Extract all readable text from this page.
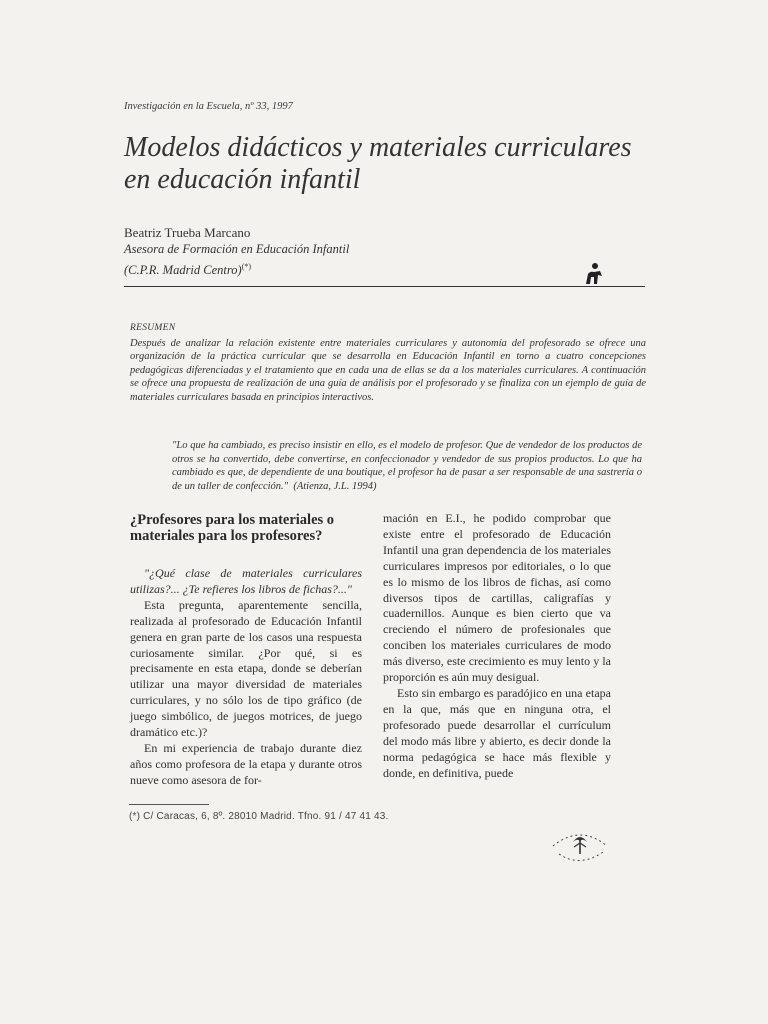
Investigación en la Escuela, nº 33, 1997
Modelos didácticos y materiales curriculares en educación infantil
Beatriz Trueba Marcano
Asesora de Formación en Educación Infantil
(C.P.R. Madrid Centro)(*)
RESUMEN
Después de analizar la relación existente entre materiales curriculares y autonomía del profesorado se ofrece una organización de la práctica curricular que se desarrolla en Educación Infantil en torno a cuatro concepciones pedagógicas diferenciadas y el tratamiento que en cada una de ellas se da a los materiales curriculares. A continuación se ofrece una propuesta de realización de una guía de análisis por el profesorado y se finaliza con un ejemplo de guía de materiales curriculares basada en principios interactivos.
"Lo que ha cambiado, es preciso insistir en ello, es el modelo de profesor. Que de vendedor de los productos de otros se ha convertido, debe convertirse, en confeccionador y vendedor de sus propios productos. Lo que ha cambiado es que, de dependiente de una boutique, el profesor ha de pasar a ser responsable de una sastrería o de un taller de confección." (Atienza, J.L. 1994)
¿Profesores para los materiales o materiales para los profesores?

"¿Qué clase de materiales curriculares utilizas?... ¿Te refieres los libros de fichas?..."

Esta pregunta, aparentemente sencilla, realizada al profesorado de Educación Infantil genera en gran parte de los casos una respuesta curiosamente similar. ¿Por qué, si es precisamente en esta etapa, donde se deberían utilizar una mayor diversidad de materiales curriculares, y no sólo los de tipo gráfico (de juego simbólico, de juegos motrices, de juego dramático etc.)?

En mi experiencia de trabajo durante diez años como profesora de la etapa y durante otros nueve como asesora de for-

mación en E.I., he podido comprobar que existe entre el profesorado de Educación Infantil una gran dependencia de los materiales curriculares impresos por editoriales, o lo que es lo mismo de los libros de fichas, así como diversos tipos de cartillas, caligrafías y cuadernillos. Aunque es bien cierto que va creciendo el número de profesionales que conciben los materiales curriculares de modo más diverso, este crecimiento es muy lento y la proporción es aún muy desigual.

Esto sin embargo es paradójico en una etapa en la que, más que en ninguna otra, el profesorado puede desarrollar el currículum del modo más libre y abierto, es decir donde la norma pedagógica se hace más flexible y donde, en definitiva, puede

(*) C/ Caracas, 6, 8º. 28010 Madrid. Tfno. 91 / 47 41 43.
